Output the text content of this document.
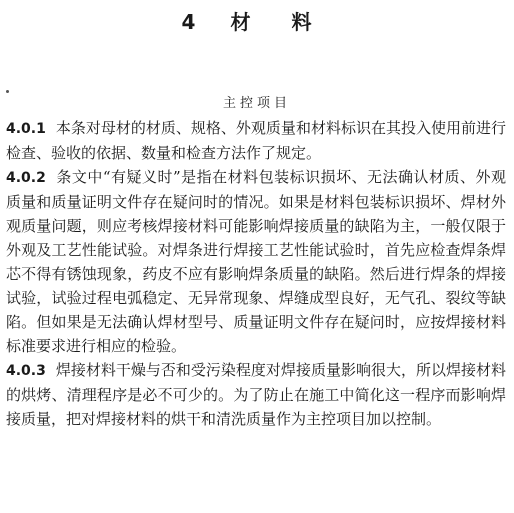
4 材 料
主控项目

4.0.1 本条对母材的材质、规格、外观质量和材料标识在其投入使用前进行检查、验收的依据、数量和检查方法作了规定。

4.0.2 条文中“有疑义时”是指在材料包装标识损坏、无法确认材质、外观质量和质量证明文件存在疑问时的情况。如果是材料包装标识损坏、焊材外观质量问题，则应考核焊接材料可能影响焊接质量的缺陷为主，一般仅限于外观及工艺性能试验。对焊条进行焊接工艺性能试验时，首先应检查焊条焊芯不得有锈蚀现象，药皮不应有影响焊条质量的缺陷。然后进行焊条的焊接试验，试验过程电弧稳定、无异常现象、焊缝成型良好，无气孔、裂纹等缺陷。但如果是无法确认焊材型号、质量证明文件存在疑问时，应按焊接材料标准要求进行相应的检验。

4.0.3 焊接材料干燥与否和受污染程度对焊接质量影响很大，所以焊接材料的烘烤、清理程序是必不可少的。为了防止在施工中简化这一程序而影响焊接质量，把对焊接材料的烘干和清洗质量作为主控项目加以控制。
